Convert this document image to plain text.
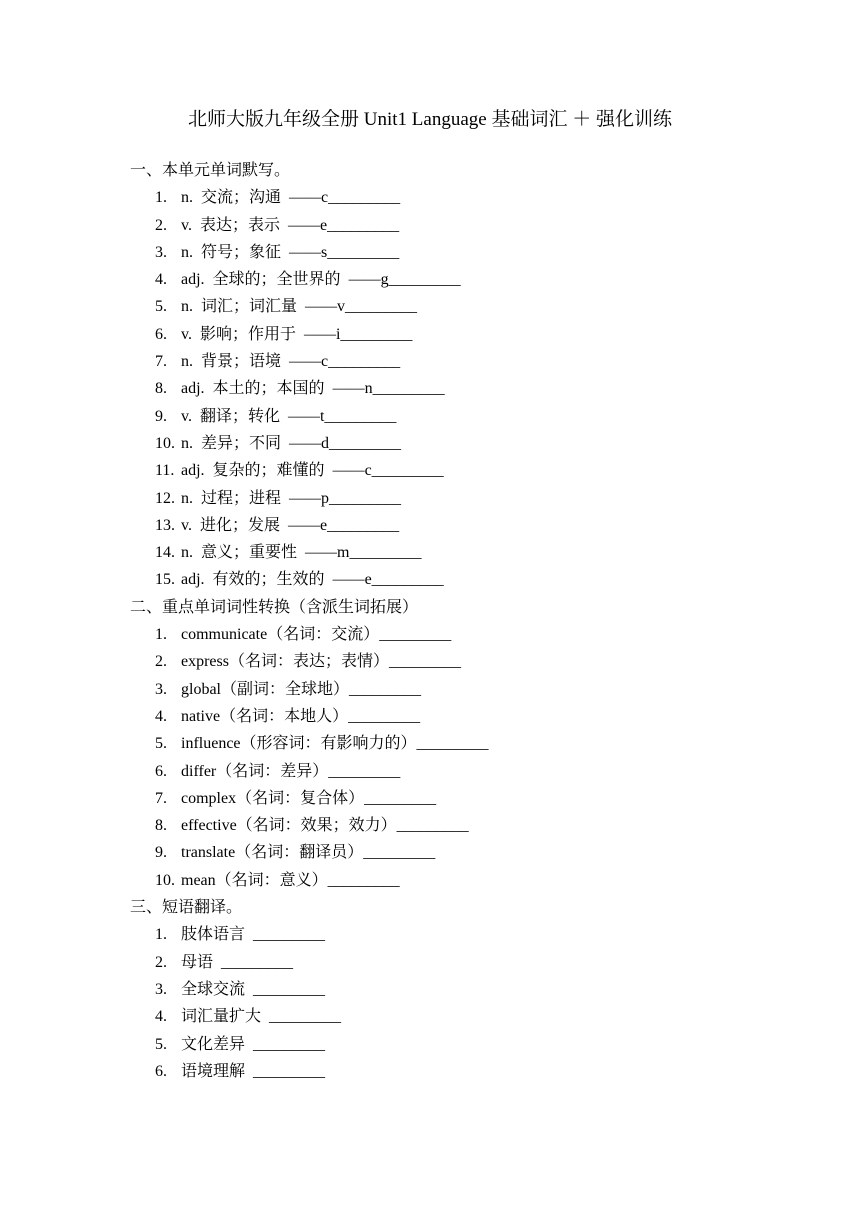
北师大版九年级全册 Unit1 Language 基础词汇 ＋ 强化训练
一、本单元单词默写。
1. n. 交流；沟通 ——c_________
2. v. 表达；表示 ——e_________
3. n. 符号；象征 ——s_________
4. adj. 全球的；全世界的 ——g_________
5. n. 词汇；词汇量 ——v_________
6. v. 影响；作用于 ——i_________
7. n. 背景；语境 ——c_________
8. adj. 本土的；本国的 ——n_________
9. v. 翻译；转化 ——t_________
10. n. 差异；不同 ——d_________
11. adj. 复杂的；难懂的 ——c_________
12. n. 过程；进程 ——p_________
13. v. 进化；发展 ——e_________
14. n. 意义；重要性 ——m_________
15. adj. 有效的；生效的 ——e_________
二、重点单词词性转换（含派生词拓展）
1. communicate（名词：交流）_________
2. express（名词：表达；表情）_________
3. global（副词：全球地）_________
4. native（名词：本地人）_________
5. influence（形容词：有影响力的）_________
6. differ（名词：差异）_________
7. complex（名词：复合体）_________
8. effective（名词：效果；效力）_________
9. translate（名词：翻译员）_________
10. mean（名词：意义）_________
三、短语翻译。
1. 肢体语言 _________
2. 母语 _________
3. 全球交流 _________
4. 词汇量扩大 _________
5. 文化差异 _________
6. 语境理解 _________
